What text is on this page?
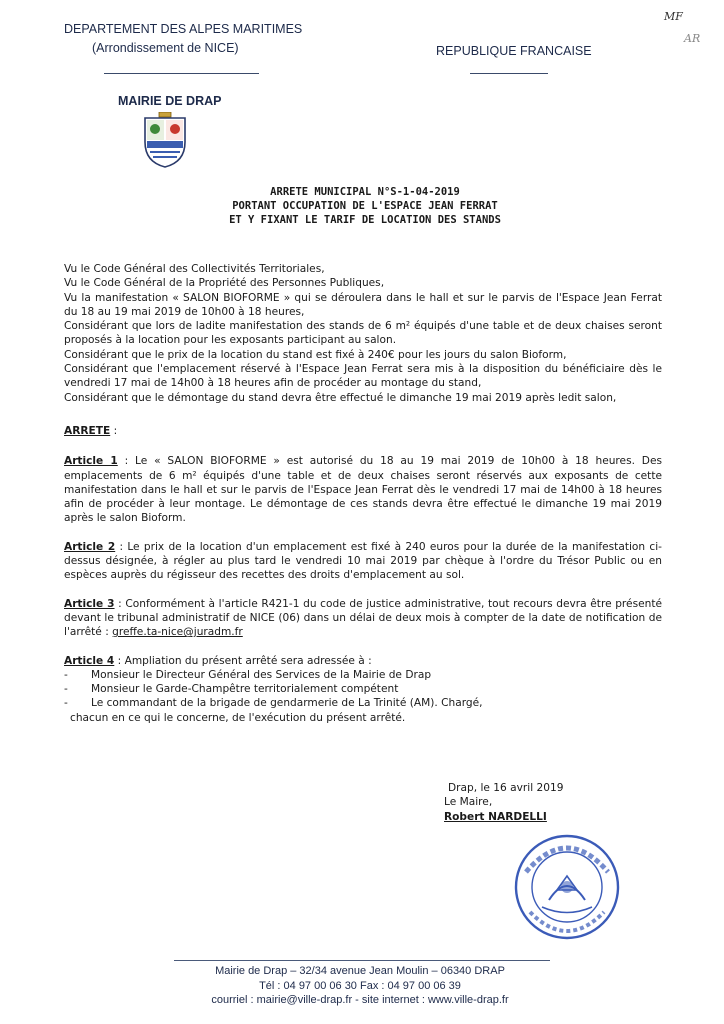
DEPARTEMENT DES ALPES MARITIMES
(Arrondissement de NICE)	REPUBLIQUE FRANCAISE
MF
AR
MAIRIE DE DRAP
ARRETE MUNICIPAL N°S-1-04-2019
PORTANT OCCUPATION DE L'ESPACE JEAN FERRAT
ET Y FIXANT LE TARIF DE LOCATION DES STANDS

Vu le Code Général des Collectivités Territoriales,

Vu le Code Général de la Propriété des Personnes Publiques,

Vu la manifestation « SALON BIOFORME » qui se déroulera dans le hall et sur le parvis de l'Espace Jean Ferrat du 18 au 19 mai 2019 de 10h00 à 18 heures,

Considérant que lors de ladite manifestation des stands de 6 m² équipés d'une table et de deux chaises seront proposés à la location pour les exposants participant au salon.

Considérant que le prix de la location du stand est fixé à 240€ pour les jours du salon Bioform,

Considérant que l'emplacement réservé à l'Espace Jean Ferrat sera mis à la disposition du bénéficiaire dès le vendredi 17 mai de 14h00 à 18 heures afin de procéder au montage du stand,

Considérant que le démontage du stand devra être effectué le dimanche 19 mai 2019 après ledit salon,

ARRETE :

Article 1 : Le « SALON BIOFORME » est autorisé du 18 au 19 mai 2019 de 10h00 à 18 heures. Des emplacements de 6 m² équipés d'une table et de deux chaises seront réservés aux exposants de cette manifestation dans le hall et sur le parvis de l'Espace Jean Ferrat dès le vendredi 17 mai de 14h00 à 18 heures afin de procéder à leur montage. Le démontage de ces stands devra être effectué le dimanche 19 mai 2019 après le salon Bioform.

Article 2 : Le prix de la location d'un emplacement est fixé à 240 euros pour la durée de la manifestation ci-dessus désignée, à régler au plus tard le vendredi 10 mai 2019 par chèque à l'ordre du Trésor Public ou en espèces auprès du régisseur des recettes des droits d'emplacement au sol.

Article 3 : Conformément à l'article R421-1 du code de justice administrative, tout recours devra être présenté devant le tribunal administratif de NICE (06) dans un délai de deux mois à compter de la date de notification de l'arrêté : greffe.ta-nice@juradm.fr

Article 4 : Ampliation du présent arrêté sera adressée à :

- Monsieur le Directeur Général des Services de la Mairie de Drap
- Monsieur le Garde-Champêtre territorialement compétent
- Le commandant de la brigade de gendarmerie de La Trinité (AM). Chargé,

chacun en ce qui le concerne, de l'exécution du présent arrêté.

Drap, le 16 avril 2019
Le Maire,
Robert NARDELLI
Mairie de Drap – 32/34 avenue Jean Moulin – 06340 DRAP
Tél : 04 97 00 06 30 Fax : 04 97 00 06 39
courriel : mairie@ville-drap.fr - site internet : www.ville-drap.fr
